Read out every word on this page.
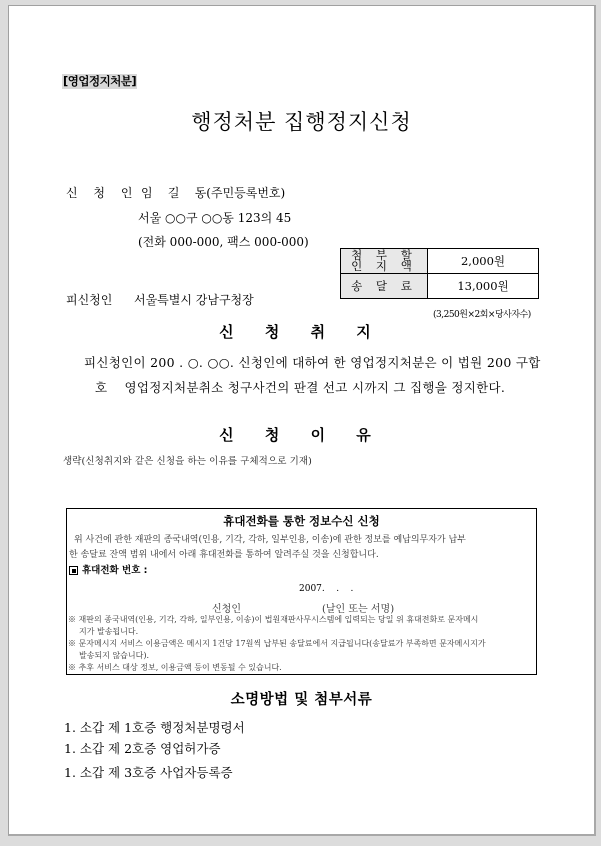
[영업정지처분]
행정처분 집행정지신청
신 청 인 임    길    동(주민등록번호)
서울 ○○구 ○○동 123의 45
(전화 000-000, 팩스 000-000)
첨 부 할
인 지 액	2,000원
송 달 료	13,000원
(3,250원×2회×당사자수)
피신청인 서울특별시 강남구청장
신 청 취 지
피신청인이 200 . ○. ○○. 신청인에 대하여 한 영업정지처분은 이 법원 200 구합
호    영업정지처분취소 청구사건의 판결 선고 시까지 그 집행을 정지한다.
신 청 이 유
생략(신청취지와 같은 신청을 하는 이유를 구체적으로 기재)
휴대전화를 통한 정보수신 신청
위 사건에 관한 재판의 종국내역(인용, 기각, 각하, 일부인용, 이송)에 관한 정보를 예납의무자가 납부
한 송달료 잔액 범위 내에서 아래 휴대전화를 통하여 알려주실 것을 신청합니다.
휴대전화 번호 :
2007.    .    .
신청인	(날인 또는 서명)
※ 재판의 종국내역(인용, 기각, 각하, 일부인용, 이송)이 법원재판사무시스템에 입력되는 당일 위 휴대전화로 문자메시
지가 발송됩니다.
※ 문자메시지 서비스 이용금액은 메시지 1건당 17원씩 납부된 송달료에서 지급됩니다(송달료가 부족하면 문자메시지가
발송되지 않습니다).
※ 추후 서비스 대상 정보, 이용금액 등이 변동될 수 있습니다.
소명방법 및 첨부서류
1. 소갑 제 1호증 행정처분명령서
1. 소갑 제 2호증 영업허가증
1. 소갑 제 3호증 사업자등록증
